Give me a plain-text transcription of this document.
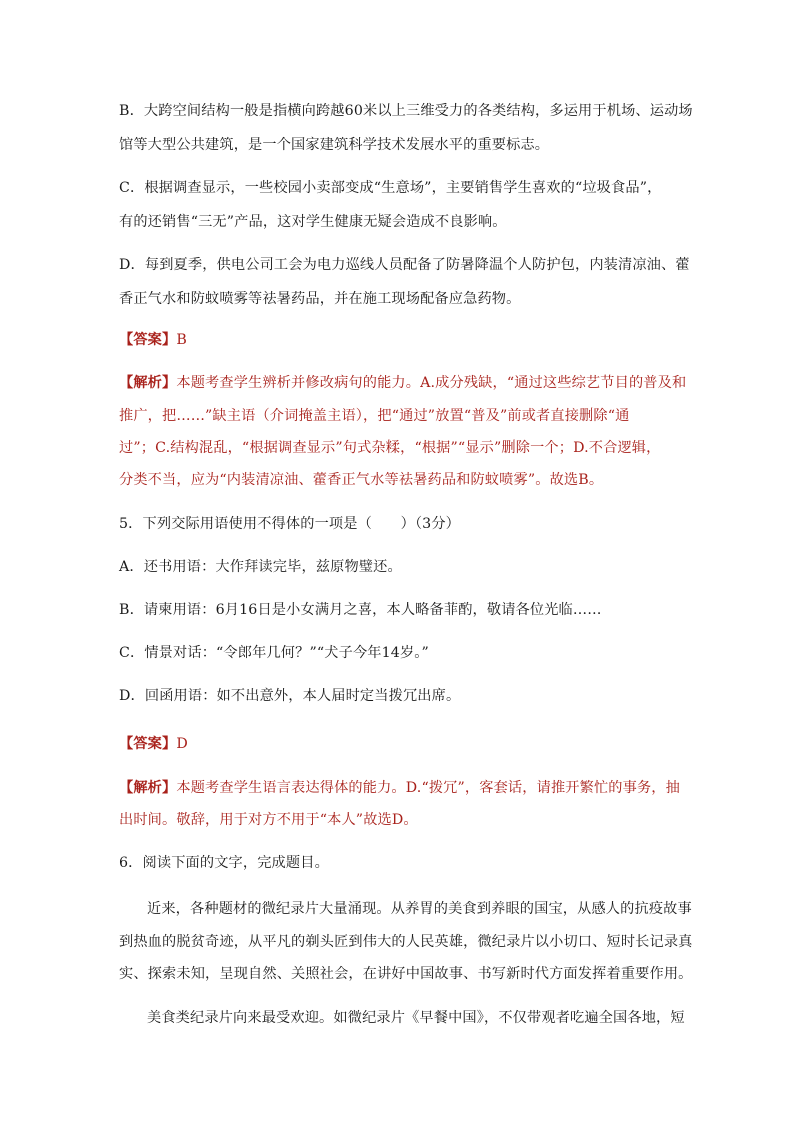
B．大跨空间结构一般是指横向跨越60米以上三维受力的各类结构，多运用于机场、运动场
馆等大型公共建筑，是一个国家建筑科学技术发展水平的重要标志。
C．根据调查显示，一些校园小卖部变成“生意场”，主要销售学生喜欢的“垃圾食品”，
有的还销售“三无”产品，这对学生健康无疑会造成不良影响。
D．每到夏季，供电公司工会为电力巡线人员配备了防暑降温个人防护包，内装清凉油、藿
香正气水和防蚊喷雾等祛暑药品，并在施工现场配备应急药物。
【答案】B
【解析】本题考查学生辨析并修改病句的能力。A.成分残缺，“通过这些综艺节目的普及和
推广，把……”缺主语（介词掩盖主语），把“通过”放置“普及”前或者直接删除“通
过”；C.结构混乱，“根据调查显示”句式杂糅，“根据”“显示”删除一个；D.不合逻辑，
分类不当，应为“内装清凉油、藿香正气水等祛暑药品和防蚊喷雾”。故选B。
5．下列交际用语使用不得体的一项是（　　）（3分）
A．还书用语：大作拜读完毕，兹原物璧还。
B．请柬用语：6月16日是小女满月之喜，本人略备菲酌，敬请各位光临……
C．情景对话：“令郎年几何？”“犬子今年14岁。”
D．回函用语：如不出意外，本人届时定当拨冗出席。
【答案】D
【解析】本题考查学生语言表达得体的能力。D.“拨冗”，客套话，请推开繁忙的事务，抽
出时间。敬辞，用于对方不用于“本人”故选D。
6．阅读下面的文字，完成题目。
近来，各种题材的微纪录片大量涌现。从养胃的美食到养眼的国宝，从感人的抗疫故事
到热血的脱贫奇迹，从平凡的剃头匠到伟大的人民英雄，微纪录片以小切口、短时长记录真
实、探索未知，呈现自然、关照社会，在讲好中国故事、书写新时代方面发挥着重要作用。
美食类纪录片向来最受欢迎。如微纪录片《早餐中国》，不仅带观者吃遍全国各地，短
